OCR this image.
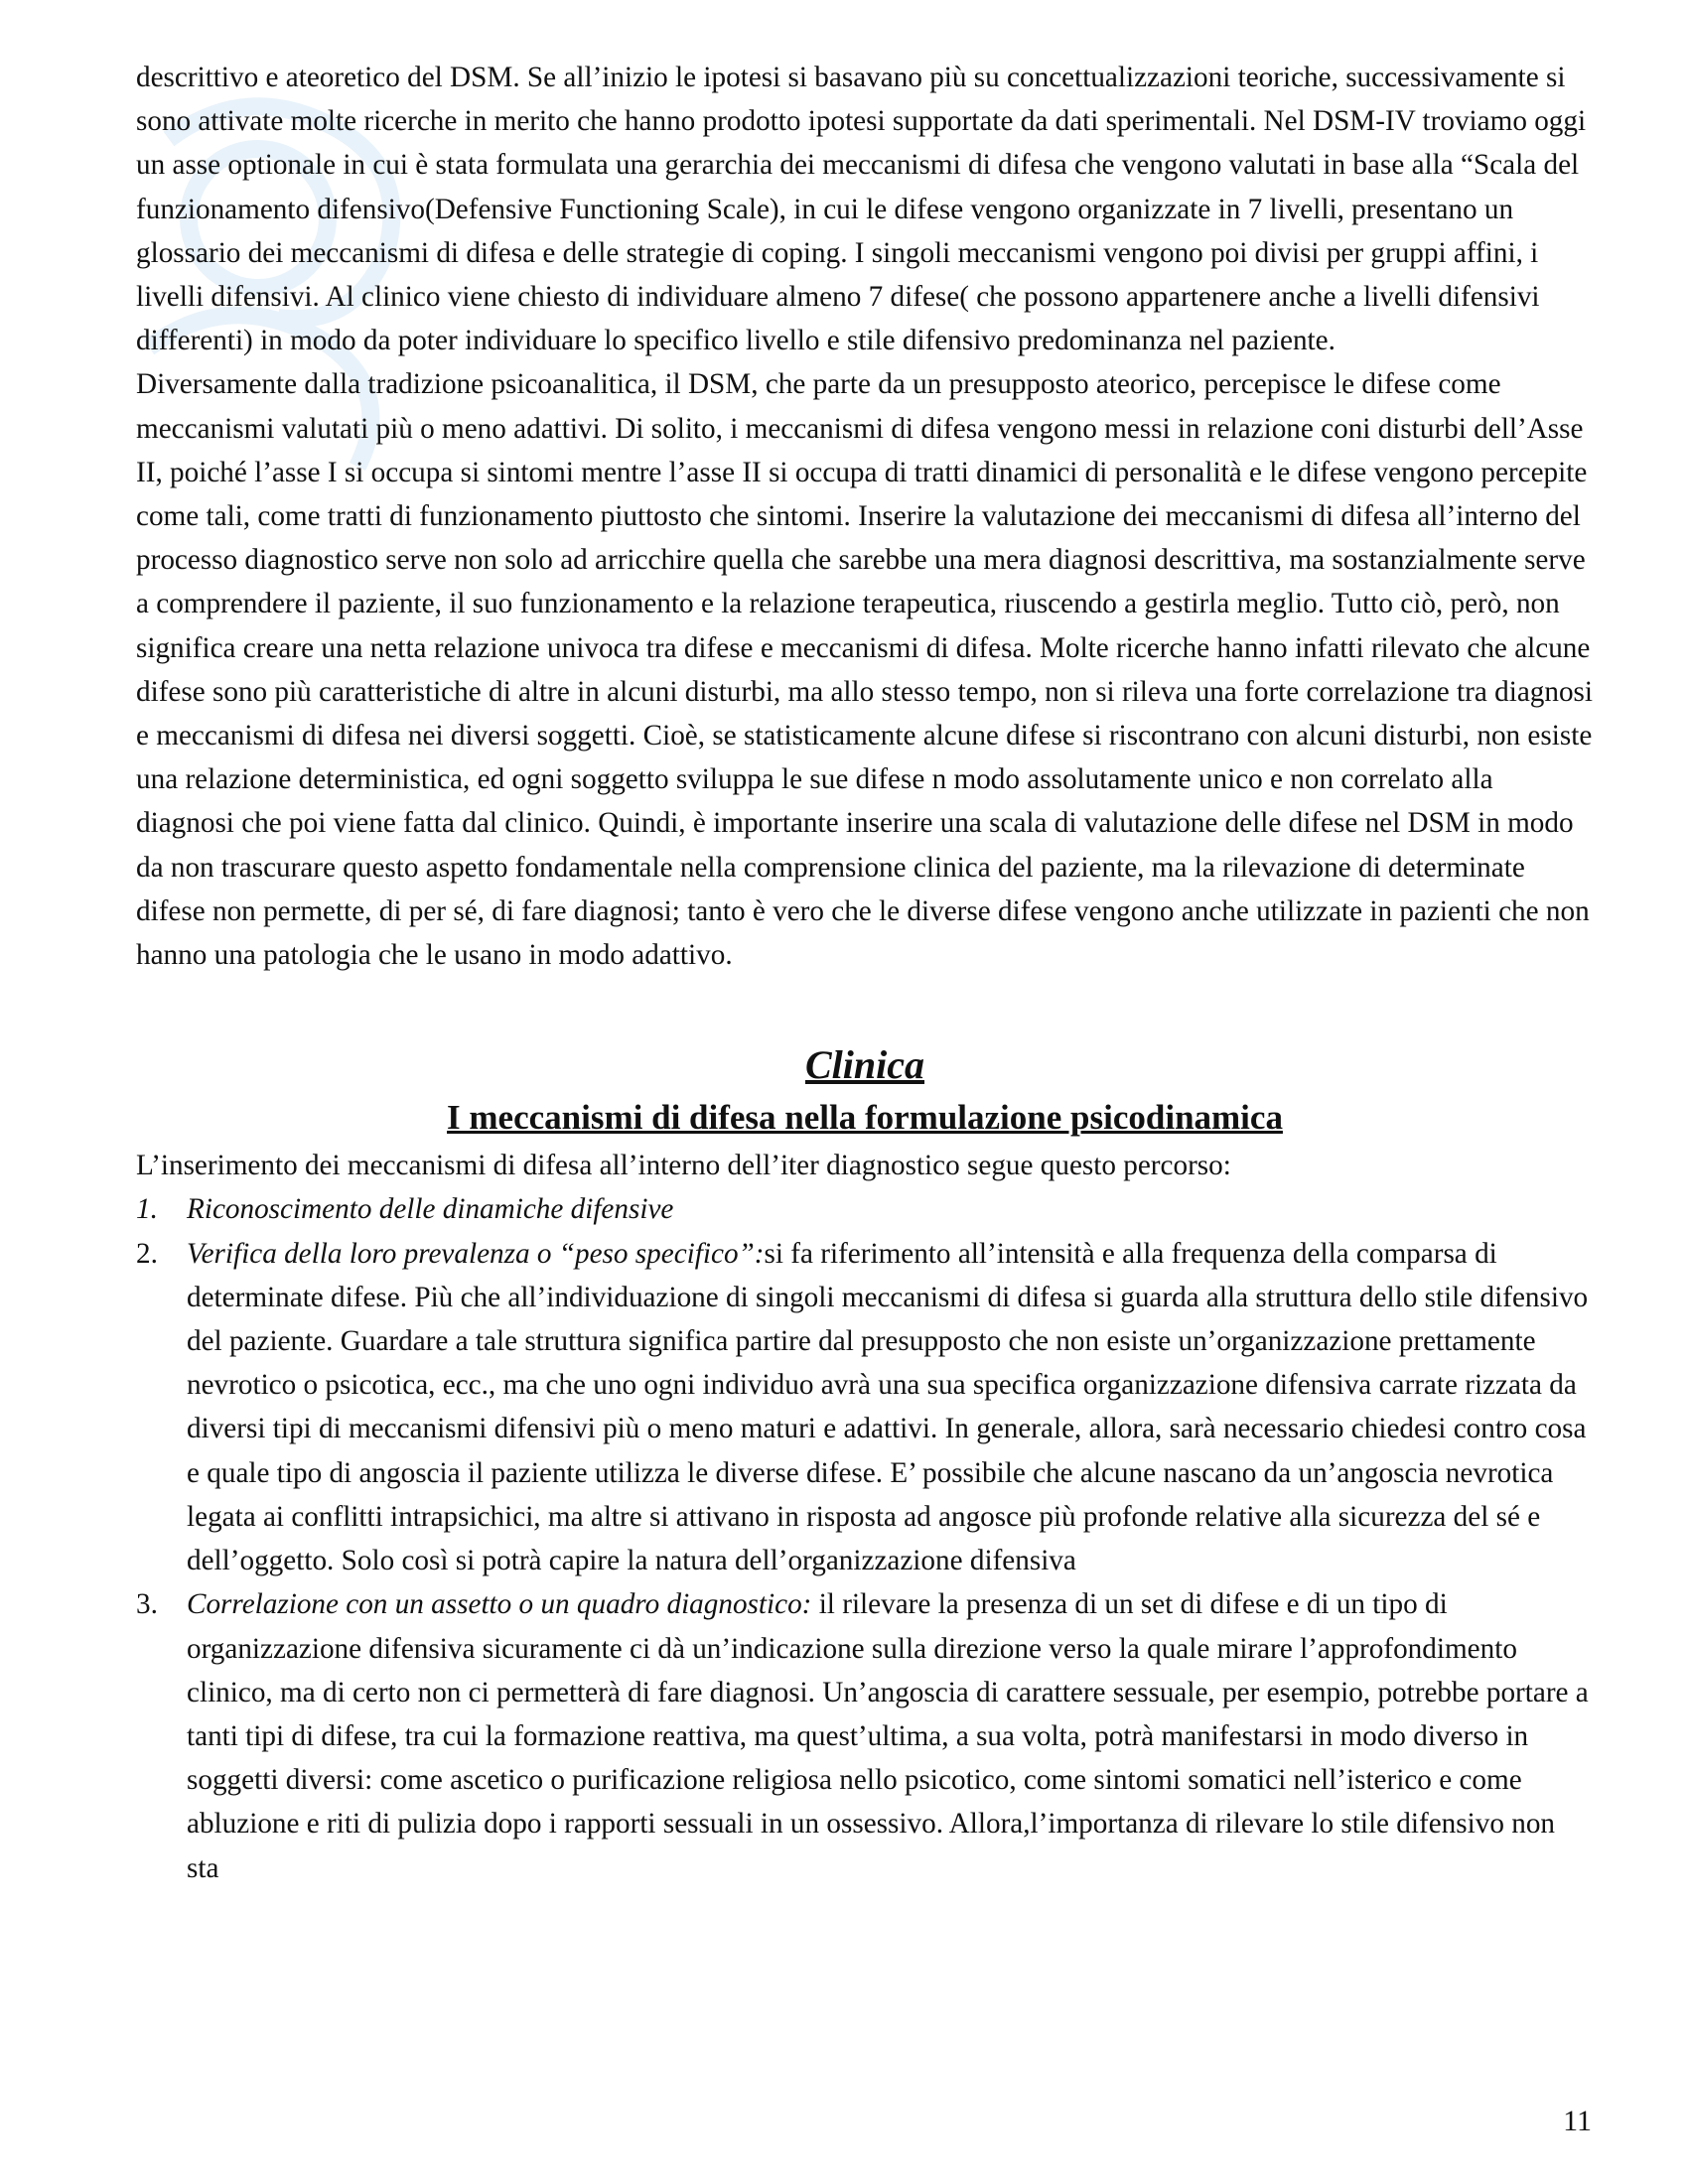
descrittivo e ateoretico del DSM. Se all’inizio le ipotesi si basavano più su concettualizzazioni teoriche, successivamente si sono attivate molte ricerche in merito che hanno prodotto ipotesi supportate da dati sperimentali. Nel DSM-IV troviamo oggi un asse optionale in cui è stata formulata una gerarchia dei meccanismi di difesa che vengono valutati in base alla “Scala del funzionamento difensivo(Defensive Functioning Scale), in cui le difese vengono organizzate in 7 livelli, presentano un glossario dei meccanismi di difesa e delle strategie di coping. I singoli meccanismi vengono poi divisi per gruppi affini, i livelli difensivi. Al clinico viene chiesto di individuare almeno 7 difese( che possono appartenere anche a livelli difensivi differenti) in modo da poter individuare lo specifico livello e stile difensivo predominanza nel paziente.

Diversamente dalla tradizione psicoanalitica, il DSM, che parte da un presupposto ateorico, percepisce le difese come meccanismi valutati più o meno adattivi. Di solito, i meccanismi di difesa vengono messi in relazione coni disturbi dell’Asse II, poiché l’asse I si occupa si sintomi mentre l’asse II si occupa di tratti dinamici di personalità e le difese vengono percepite come tali, come tratti di funzionamento piuttosto che sintomi. Inserire la valutazione dei meccanismi di difesa all’interno del processo diagnostico serve non solo ad arricchire quella che sarebbe una mera diagnosi descrittiva, ma sostanzialmente serve a comprendere il paziente, il suo funzionamento e la relazione terapeutica, riuscendo a gestirla meglio. Tutto ciò, però, non significa creare una netta relazione univoca tra difese e meccanismi di difesa. Molte ricerche hanno infatti rilevato che alcune difese sono più caratteristiche di altre in alcuni disturbi, ma allo stesso tempo, non si rileva una forte correlazione tra diagnosi e meccanismi di difesa nei diversi soggetti. Cioè, se statisticamente alcune difese si riscontrano con alcuni disturbi, non esiste una relazione deterministica, ed ogni soggetto sviluppa le sue difese n modo assolutamente unico e non correlato alla diagnosi che poi viene fatta dal clinico. Quindi, è importante inserire una scala di valutazione delle difese nel DSM in modo da non trascurare questo aspetto fondamentale nella comprensione clinica del paziente, ma la rilevazione di determinate difese non permette, di per sé, di fare diagnosi; tanto è vero che le diverse difese vengono anche utilizzate in pazienti che non hanno una patologia che le usano in modo adattivo.

Clinica
I meccanismi di difesa nella formulazione psicodinamica

L’inserimento dei meccanismi di difesa all’interno dell’iter diagnostico segue questo percorso:

1. Riconoscimento delle dinamiche difensive
2. Verifica della loro prevalenza o “peso specifico”:si fa riferimento all’intensità e alla frequenza della comparsa di determinate difese. Più che all’individuazione di singoli meccanismi di difesa si guarda alla struttura dello stile difensivo del paziente. Guardare a tale struttura significa partire dal presupposto che non esiste un’organizzazione prettamente nevrotico o psicotica, ecc., ma che uno ogni individuo avrà una sua specifica organizzazione difensiva carrate rizzata da diversi tipi di meccanismi difensivi più o meno maturi e adattivi. In generale, allora, sarà necessario chiedesi contro cosa e quale tipo di angoscia il paziente utilizza le diverse difese. E’ possibile che alcune nascano da un’angoscia nevrotica legata ai conflitti intrapsichici, ma altre si attivano in risposta ad angosce più profonde relative alla sicurezza del sé e dell’oggetto. Solo così si potrà capire la natura dell’organizzazione difensiva
3. Correlazione con un assetto o un quadro diagnostico: il rilevare la presenza di un set di difese e di un tipo di organizzazione difensiva sicuramente ci dà un’indicazione sulla direzione verso la quale mirare l’approfondimento clinico, ma di certo non ci permetterà di fare diagnosi. Un’angoscia di carattere sessuale, per esempio, potrebbe portare a tanti tipi di difese, tra cui la formazione reattiva, ma quest’ultima, a sua volta, potrà manifestarsi in modo diverso in soggetti diversi: come ascetico o purificazione religiosa nello psicotico, come sintomi somatici nell’isterico e come abluzione e riti di pulizia dopo i rapporti sessuali in un ossessivo. Allora,l’importanza di rilevare lo stile difensivo non sta
11
